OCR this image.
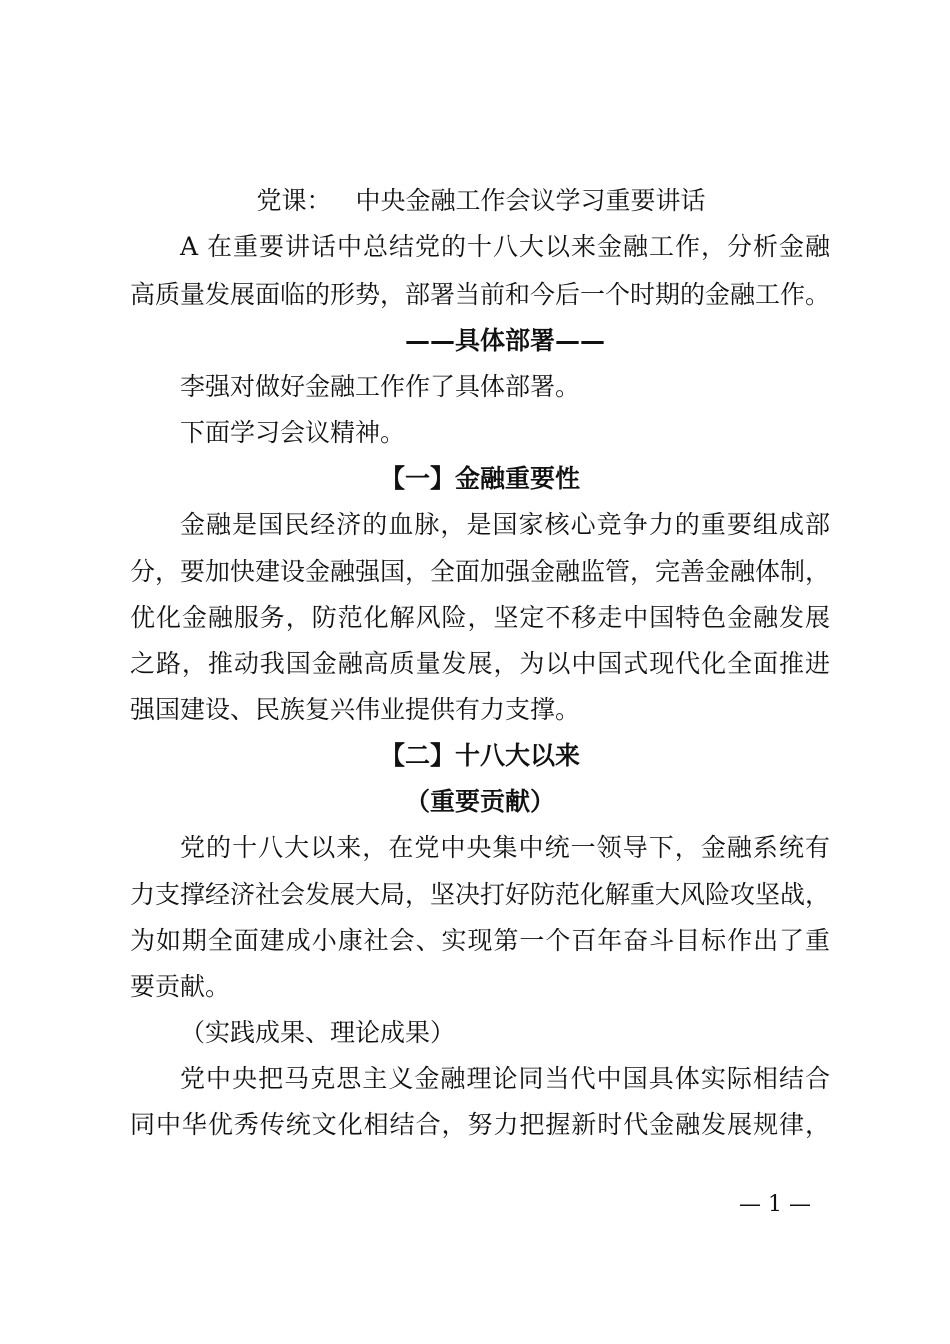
党课： 中央金融工作会议学习重要讲话
A 在重要讲话中总结党的十八大以来金融工作，分析金融
高质量发展面临的形势，部署当前和今后一个时期的金融工作。
——具体部署——
李强对做好金融工作作了具体部署。
下面学习会议精神。
【一】金融重要性
金融是国民经济的血脉，是国家核心竞争力的重要组成部
分，要加快建设金融强国，全面加强金融监管，完善金融体制，
优化金融服务，防范化解风险，坚定不移走中国特色金融发展
之路，推动我国金融高质量发展，为以中国式现代化全面推进
强国建设、民族复兴伟业提供有力支撑。
【二】十八大以来
（重要贡献）
党的十八大以来，在党中央集中统一领导下，金融系统有
力支撑经济社会发展大局，坚决打好防范化解重大风险攻坚战，
为如期全面建成小康社会、实现第一个百年奋斗目标作出了重
要贡献。
（实践成果、理论成果）
党中央把马克思主义金融理论同当代中国具体实际相结合
同中华优秀传统文化相结合，努力把握新时代金融发展规律，
— 1 —
